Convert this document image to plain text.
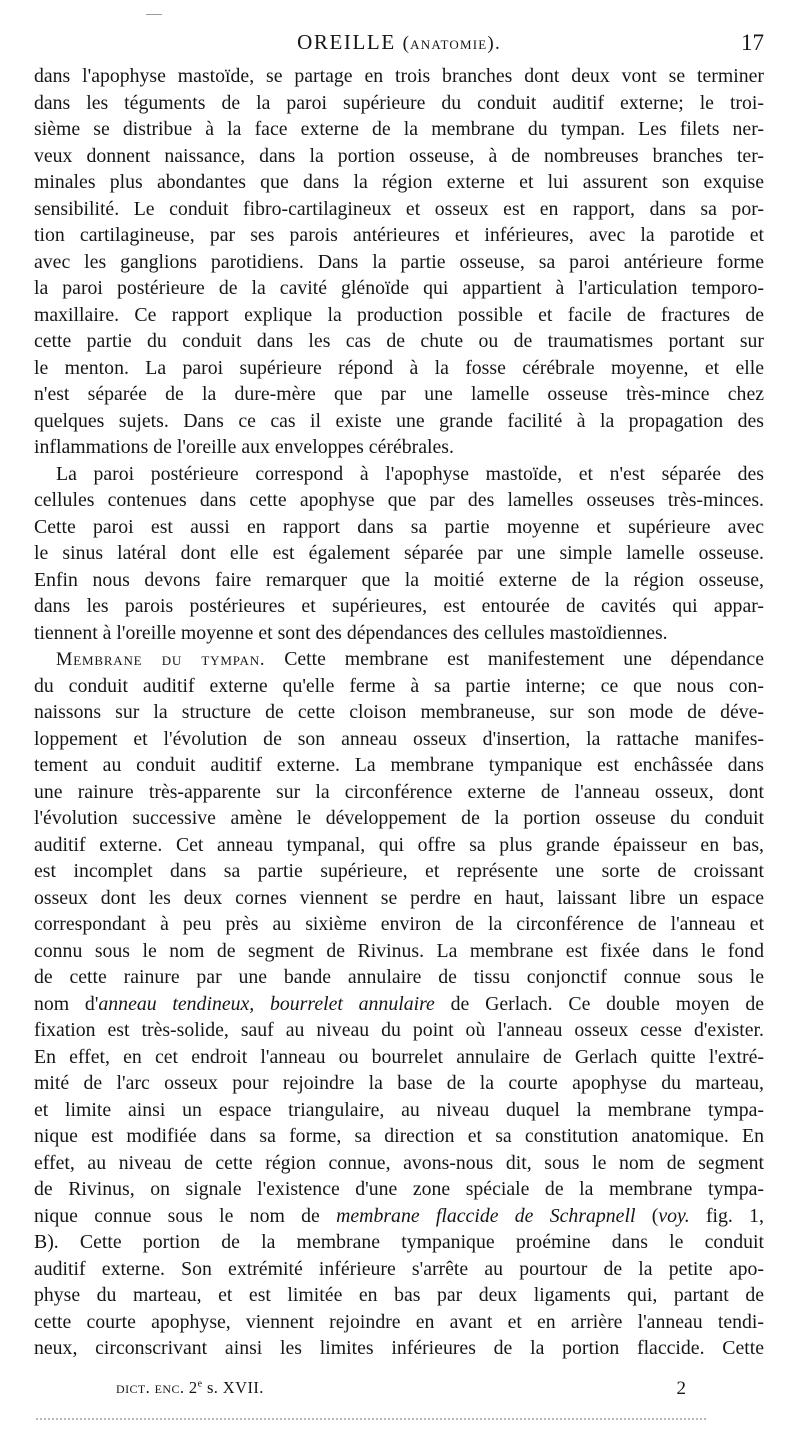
OREILLE (anatomie).	17
dans l'apophyse mastoïde, se partage en trois branches dont deux vont se terminer
dans les téguments de la paroi supérieure du conduit auditif externe; le troi-
sième se distribue à la face externe de la membrane du tympan. Les filets ner-
veux donnent naissance, dans la portion osseuse, à de nombreuses branches ter-
minales plus abondantes que dans la région externe et lui assurent son exquise
sensibilité. Le conduit fibro-cartilagineux et osseux est en rapport, dans sa por-
tion cartilagineuse, par ses parois antérieures et inférieures, avec la parotide et
avec les ganglions parotidiens. Dans la partie osseuse, sa paroi antérieure forme
la paroi postérieure de la cavité glénoïde qui appartient à l'articulation temporo-
maxillaire. Ce rapport explique la production possible et facile de fractures de
cette partie du conduit dans les cas de chute ou de traumatismes portant sur
le menton. La paroi supérieure répond à la fosse cérébrale moyenne, et elle
n'est séparée de la dure-mère que par une lamelle osseuse très-mince chez
quelques sujets. Dans ce cas il existe une grande facilité à la propagation des
inflammations de l'oreille aux enveloppes cérébrales.
La paroi postérieure correspond à l'apophyse mastoïde, et n'est séparée des
cellules contenues dans cette apophyse que par des lamelles osseuses très-minces.
Cette paroi est aussi en rapport dans sa partie moyenne et supérieure avec
le sinus latéral dont elle est également séparée par une simple lamelle osseuse.
Enfin nous devons faire remarquer que la moitié externe de la région osseuse,
dans les parois postérieures et supérieures, est entourée de cavités qui appar-
tiennent à l'oreille moyenne et sont des dépendances des cellules mastoïdiennes.
Membrane du tympan. Cette membrane est manifestement une dépendance
du conduit auditif externe qu'elle ferme à sa partie interne; ce que nous con-
naissons sur la structure de cette cloison membraneuse, sur son mode de déve-
loppement et l'évolution de son anneau osseux d'insertion, la rattache manifes-
tement au conduit auditif externe. La membrane tympanique est enchâssée dans
une rainure très-apparente sur la circonférence externe de l'anneau osseux, dont
l'évolution successive amène le développement de la portion osseuse du conduit
auditif externe. Cet anneau tympanal, qui offre sa plus grande épaisseur en bas,
est incomplet dans sa partie supérieure, et représente une sorte de croissant
osseux dont les deux cornes viennent se perdre en haut, laissant libre un espace
correspondant à peu près au sixième environ de la circonférence de l'anneau et
connu sous le nom de segment de Rivinus. La membrane est fixée dans le fond
de cette rainure par une bande annulaire de tissu conjonctif connue sous le
nom d'anneau tendineux, bourrelet annulaire de Gerlach. Ce double moyen de
fixation est très-solide, sauf au niveau du point où l'anneau osseux cesse d'exister.
En effet, en cet endroit l'anneau ou bourrelet annulaire de Gerlach quitte l'extré-
mité de l'arc osseux pour rejoindre la base de la courte apophyse du marteau,
et limite ainsi un espace triangulaire, au niveau duquel la membrane tympa-
nique est modifiée dans sa forme, sa direction et sa constitution anatomique. En
effet, au niveau de cette région connue, avons-nous dit, sous le nom de segment
de Rivinus, on signale l'existence d'une zone spéciale de la membrane tympa-
nique connue sous le nom de membrane flaccide de Schrapnell (voy. fig. 1,
B). Cette portion de la membrane tympanique proémine dans le conduit
auditif externe. Son extrémité inférieure s'arrête au pourtour de la petite apo-
physe du marteau, et est limitée en bas par deux ligaments qui, partant de
cette courte apophyse, viennent rejoindre en avant et en arrière l'anneau tendi-
neux, circonscrivant ainsi les limites inférieures de la portion flaccide. Cette
dict. enc. 2e s. XVII.	2
